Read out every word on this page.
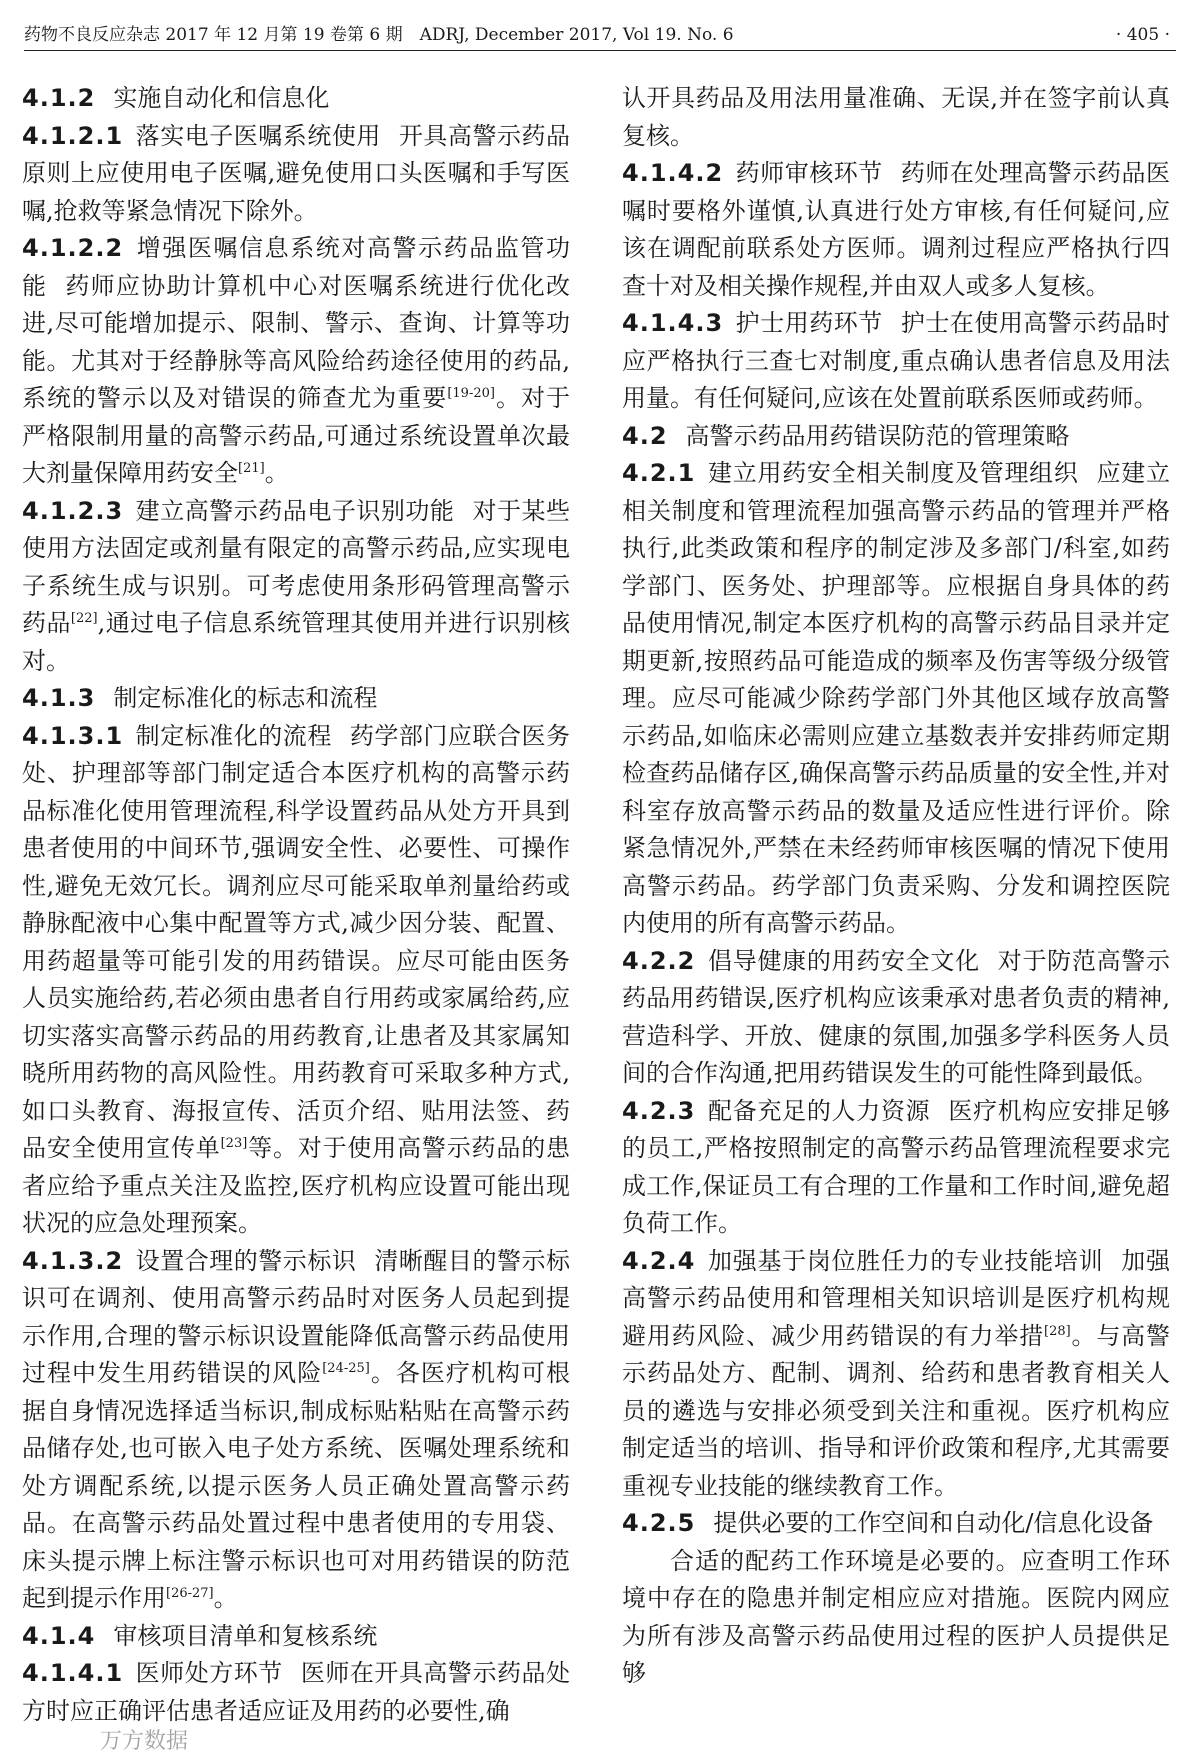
药物不良反应杂志 2017 年 12 月第 19 卷第 6 期　ADRJ, December 2017, Vol 19. No. 6	· 405 ·

4.1.2 实施自动化和信息化

4.1.2.1  落实电子医嘱系统使用 开具高警示药品原则上应使用电子医嘱,避免使用口头医嘱和手写医嘱,抢救等紧急情况下除外。

4.1.2.2  增强医嘱信息系统对高警示药品监管功能 药师应协助计算机中心对医嘱系统进行优化改进,尽可能增加提示、限制、警示、查询、计算等功能。尤其对于经静脉等高风险给药途径使用的药品,系统的警示以及对错误的筛查尤为重要[19-20]。对于严格限制用量的高警示药品,可通过系统设置单次最大剂量保障用药安全[21]。

4.1.2.3  建立高警示药品电子识别功能 对于某些使用方法固定或剂量有限定的高警示药品,应实现电子系统生成与识别。可考虑使用条形码管理高警示药品[22],通过电子信息系统管理其使用并进行识别核对。

4.1.3 制定标准化的标志和流程

4.1.3.1  制定标准化的流程 药学部门应联合医务处、护理部等部门制定适合本医疗机构的高警示药品标准化使用管理流程,科学设置药品从处方开具到患者使用的中间环节,强调安全性、必要性、可操作性,避免无效冗长。调剂应尽可能采取单剂量给药或静脉配液中心集中配置等方式,减少因分装、配置、用药超量等可能引发的用药错误。应尽可能由医务人员实施给药,若必须由患者自行用药或家属给药,应切实落实高警示药品的用药教育,让患者及其家属知晓所用药物的高风险性。用药教育可采取多种方式,如口头教育、海报宣传、活页介绍、贴用法签、药品安全使用宣传单[23]等。对于使用高警示药品的患者应给予重点关注及监控,医疗机构应设置可能出现状况的应急处理预案。

4.1.3.2  设置合理的警示标识 清晰醒目的警示标识可在调剂、使用高警示药品时对医务人员起到提示作用,合理的警示标识设置能降低高警示药品使用过程中发生用药错误的风险[24-25]。各医疗机构可根据自身情况选择适当标识,制成标贴粘贴在高警示药品储存处,也可嵌入电子处方系统、医嘱处理系统和处方调配系统,以提示医务人员正确处置高警示药品。在高警示药品处置过程中患者使用的专用袋、床头提示牌上标注警示标识也可对用药错误的防范起到提示作用[26-27]。

4.1.4 审核项目清单和复核系统

4.1.4.1  医师处方环节 医师在开具高警示药品处方时应正确评估患者适应证及用药的必要性,确

认开具药品及用法用量准确、无误,并在签字前认真复核。

4.1.4.2  药师审核环节 药师在处理高警示药品医嘱时要格外谨慎,认真进行处方审核,有任何疑问,应该在调配前联系处方医师。调剂过程应严格执行四查十对及相关操作规程,并由双人或多人复核。

4.1.4.3  护士用药环节 护士在使用高警示药品时应严格执行三查七对制度,重点确认患者信息及用法用量。有任何疑问,应该在处置前联系医师或药师。

4.2 高警示药品用药错误防范的管理策略

4.2.1  建立用药安全相关制度及管理组织 应建立相关制度和管理流程加强高警示药品的管理并严格执行,此类政策和程序的制定涉及多部门/科室,如药学部门、医务处、护理部等。应根据自身具体的药品使用情况,制定本医疗机构的高警示药品目录并定期更新,按照药品可能造成的频率及伤害等级分级管理。应尽可能减少除药学部门外其他区域存放高警示药品,如临床必需则应建立基数表并安排药师定期检查药品储存区,确保高警示药品质量的安全性,并对科室存放高警示药品的数量及适应性进行评价。除紧急情况外,严禁在未经药师审核医嘱的情况下使用高警示药品。药学部门负责采购、分发和调控医院内使用的所有高警示药品。

4.2.2  倡导健康的用药安全文化 对于防范高警示药品用药错误,医疗机构应该秉承对患者负责的精神,营造科学、开放、健康的氛围,加强多学科医务人员间的合作沟通,把用药错误发生的可能性降到最低。

4.2.3  配备充足的人力资源 医疗机构应安排足够的员工,严格按照制定的高警示药品管理流程要求完成工作,保证员工有合理的工作量和工作时间,避免超负荷工作。

4.2.4  加强基于岗位胜任力的专业技能培训 加强高警示药品使用和管理相关知识培训是医疗机构规避用药风险、减少用药错误的有力举措[28]。与高警示药品处方、配制、调剂、给药和患者教育相关人员的遴选与安排必须受到关注和重视。医疗机构应制定适当的培训、指导和评价政策和程序,尤其需要重视专业技能的继续教育工作。

4.2.5 提供必要的工作空间和自动化/信息化设备

合适的配药工作环境是必要的。应查明工作环境中存在的隐患并制定相应应对措施。医院内网应为所有涉及高警示药品使用过程的医护人员提供足够

万方数据
